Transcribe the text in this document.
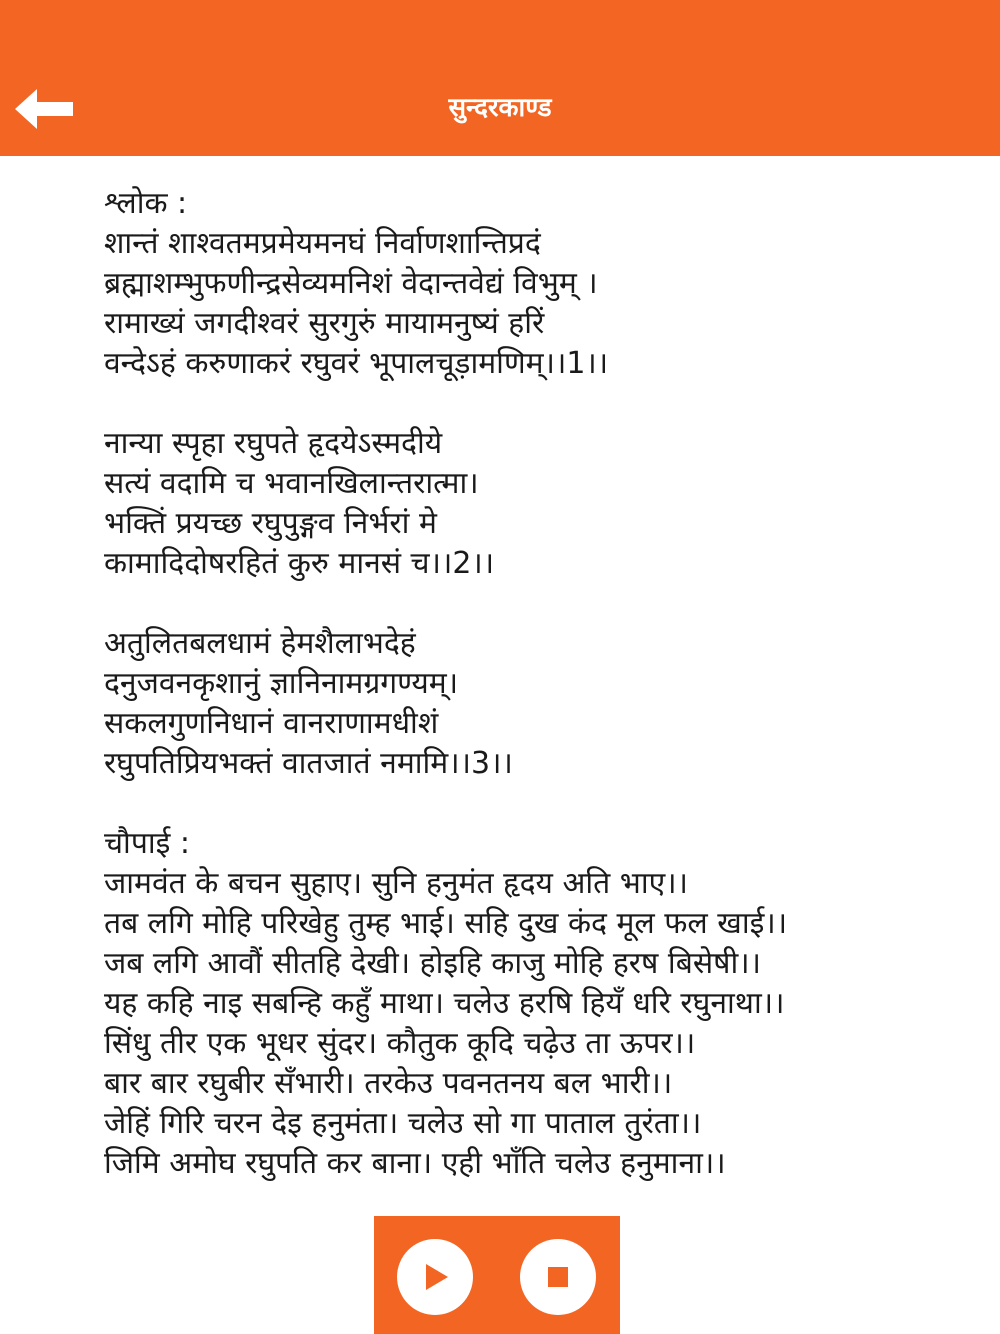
सुन्दरकाण्ड
श्लोक :
शान्तं शाश्वतमप्रमेयमनघं निर्वाणशान्तिप्रदं
ब्रह्माशम्भुफणीन्द्रसेव्यमनिशं वेदान्तवेद्यं विभुम् ।
रामाख्यं जगदीश्वरं सुरगुरुं मायामनुष्यं हरिं
वन्देऽहं करुणाकरं रघुवरं भूपालचूड़ामणिम्।।1।।
नान्या स्पृहा रघुपते हृदयेऽस्मदीये
सत्यं वदामि च भवानखिलान्तरात्मा।
भक्तिं प्रयच्छ रघुपुङ्गव निर्भरां मे
कामादिदोषरहितं कुरु मानसं च।।2।।
अतुलितबलधामं हेमशैलाभदेहं
दनुजवनकृशानुं ज्ञानिनामग्रगण्यम्।
सकलगुणनिधानं वानराणामधीशं
रघुपतिप्रियभक्तं वातजातं नमामि।।3।।
चौपाई :
जामवंत के बचन सुहाए। सुनि हनुमंत हृदय अति भाए।।
तब लगि मोहि परिखेहु तुम्ह भाई। सहि दुख कंद मूल फल खाई।।
जब लगि आवौं सीतहि देखी। होइहि काजु मोहि हरष बिसेषी।।
यह कहि नाइ सबन्हि कहुँ माथा। चलेउ हरषि हियँ धरि रघुनाथा।।
सिंधु तीर एक भूधर सुंदर। कौतुक कूदि चढ़ेउ ता ऊपर।।
बार बार रघुबीर सँभारी। तरकेउ पवनतनय बल भारी।।
जेहिं गिरि चरन देइ हनुमंता। चलेउ सो गा पाताल तुरंता।।
जिमि अमोघ रघुपति कर बाना। एही भाँति चलेउ हनुमाना।।
